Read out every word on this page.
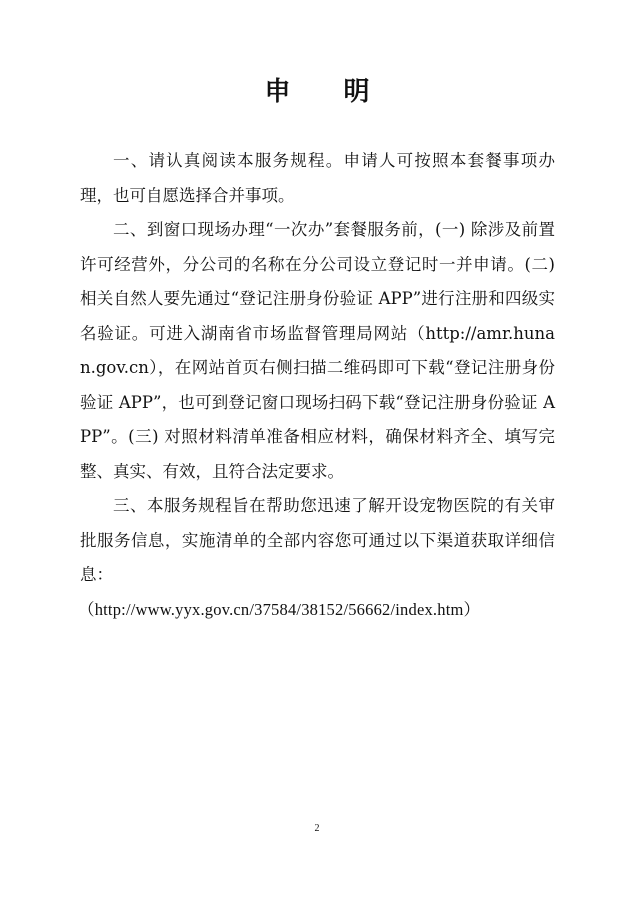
申 明

一、请认真阅读本服务规程。申请人可按照本套餐事项办理，也可自愿选择合并事项。

二、到窗口现场办理“一次办”套餐服务前，(一) 除涉及前置许可经营外，分公司的名称在分公司设立登记时一并申请。(二) 相关自然人要先通过“登记注册身份验证 APP”进行注册和四级实名验证。可进入湖南省市场监督管理局网站（http://amr.hunan.gov.cn），在网站首页右侧扫描二维码即可下载“登记注册身份验证 APP”，也可到登记窗口现场扫码下载“登记注册身份验证 APP”。(三) 对照材料清单准备相应材料，确保材料齐全、填写完整、真实、有效，且符合法定要求。

三、本服务规程旨在帮助您迅速了解开设宠物医院的有关审批服务信息，实施清单的全部内容您可通过以下渠道获取详细信息：

（http://www.yyx.gov.cn/37584/38152/56662/index.htm）

2
